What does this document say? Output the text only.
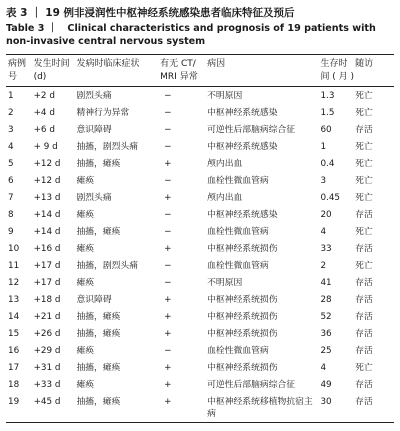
表 3 ｜ 19 例非浸润性中枢神经系统感染患者临床特征及预后
Table 3 ｜ Clinical characteristics and prognosis of 19 patients with non-invasive central nervous system
病例号	发生时间 (d)	发病时临床症状	有无 CT/ MRI 异常	病因	生存时间 ( 月 )	随访
1	+2 d	剧烈头痛	−	不明原因	1.3	死亡
2	+4 d	精神行为异常	−	中枢神经系统感染	1.5	死亡
3	+6 d	意识障碍	−	可逆性后部脑病综合征	60	存活
4	+ 9 d	抽搐，剧烈头痛	−	中枢神经系统感染	1	死亡
5	+12 d	抽搐，瘫痪	+	颅内出血	0.4	死亡
6	+12 d	瘫痪	−	血栓性微血管病	3	死亡
7	+13 d	剧烈头痛	+	颅内出血	0.45	死亡
8	+14 d	瘫痪	−	中枢神经系统感染	20	存活
9	+14 d	抽搐，瘫痪	−	血栓性微血管病	4	死亡
10	+16 d	瘫痪	+	中枢神经系统损伤	33	存活
11	+17 d	抽搐，剧烈头痛	−	血栓性微血管病	2	死亡
12	+17 d	瘫痪	−	不明原因	41	存活
13	+18 d	意识障碍	+	中枢神经系统损伤	28	存活
14	+21 d	抽搐，瘫痪	+	中枢神经系统损伤	52	存活
15	+26 d	抽搐，瘫痪	+	中枢神经系统损伤	36	存活
16	+29 d	瘫痪	−	血栓性微血管病	25	存活
17	+31 d	抽搐，瘫痪	+	中枢神经系统损伤	4	死亡
18	+33 d	瘫痪	+	可逆性后部脑病综合征	49	存活
19	+45 d	抽搐，瘫痪	+	中枢神经系统移植物抗宿主病	30	存活
